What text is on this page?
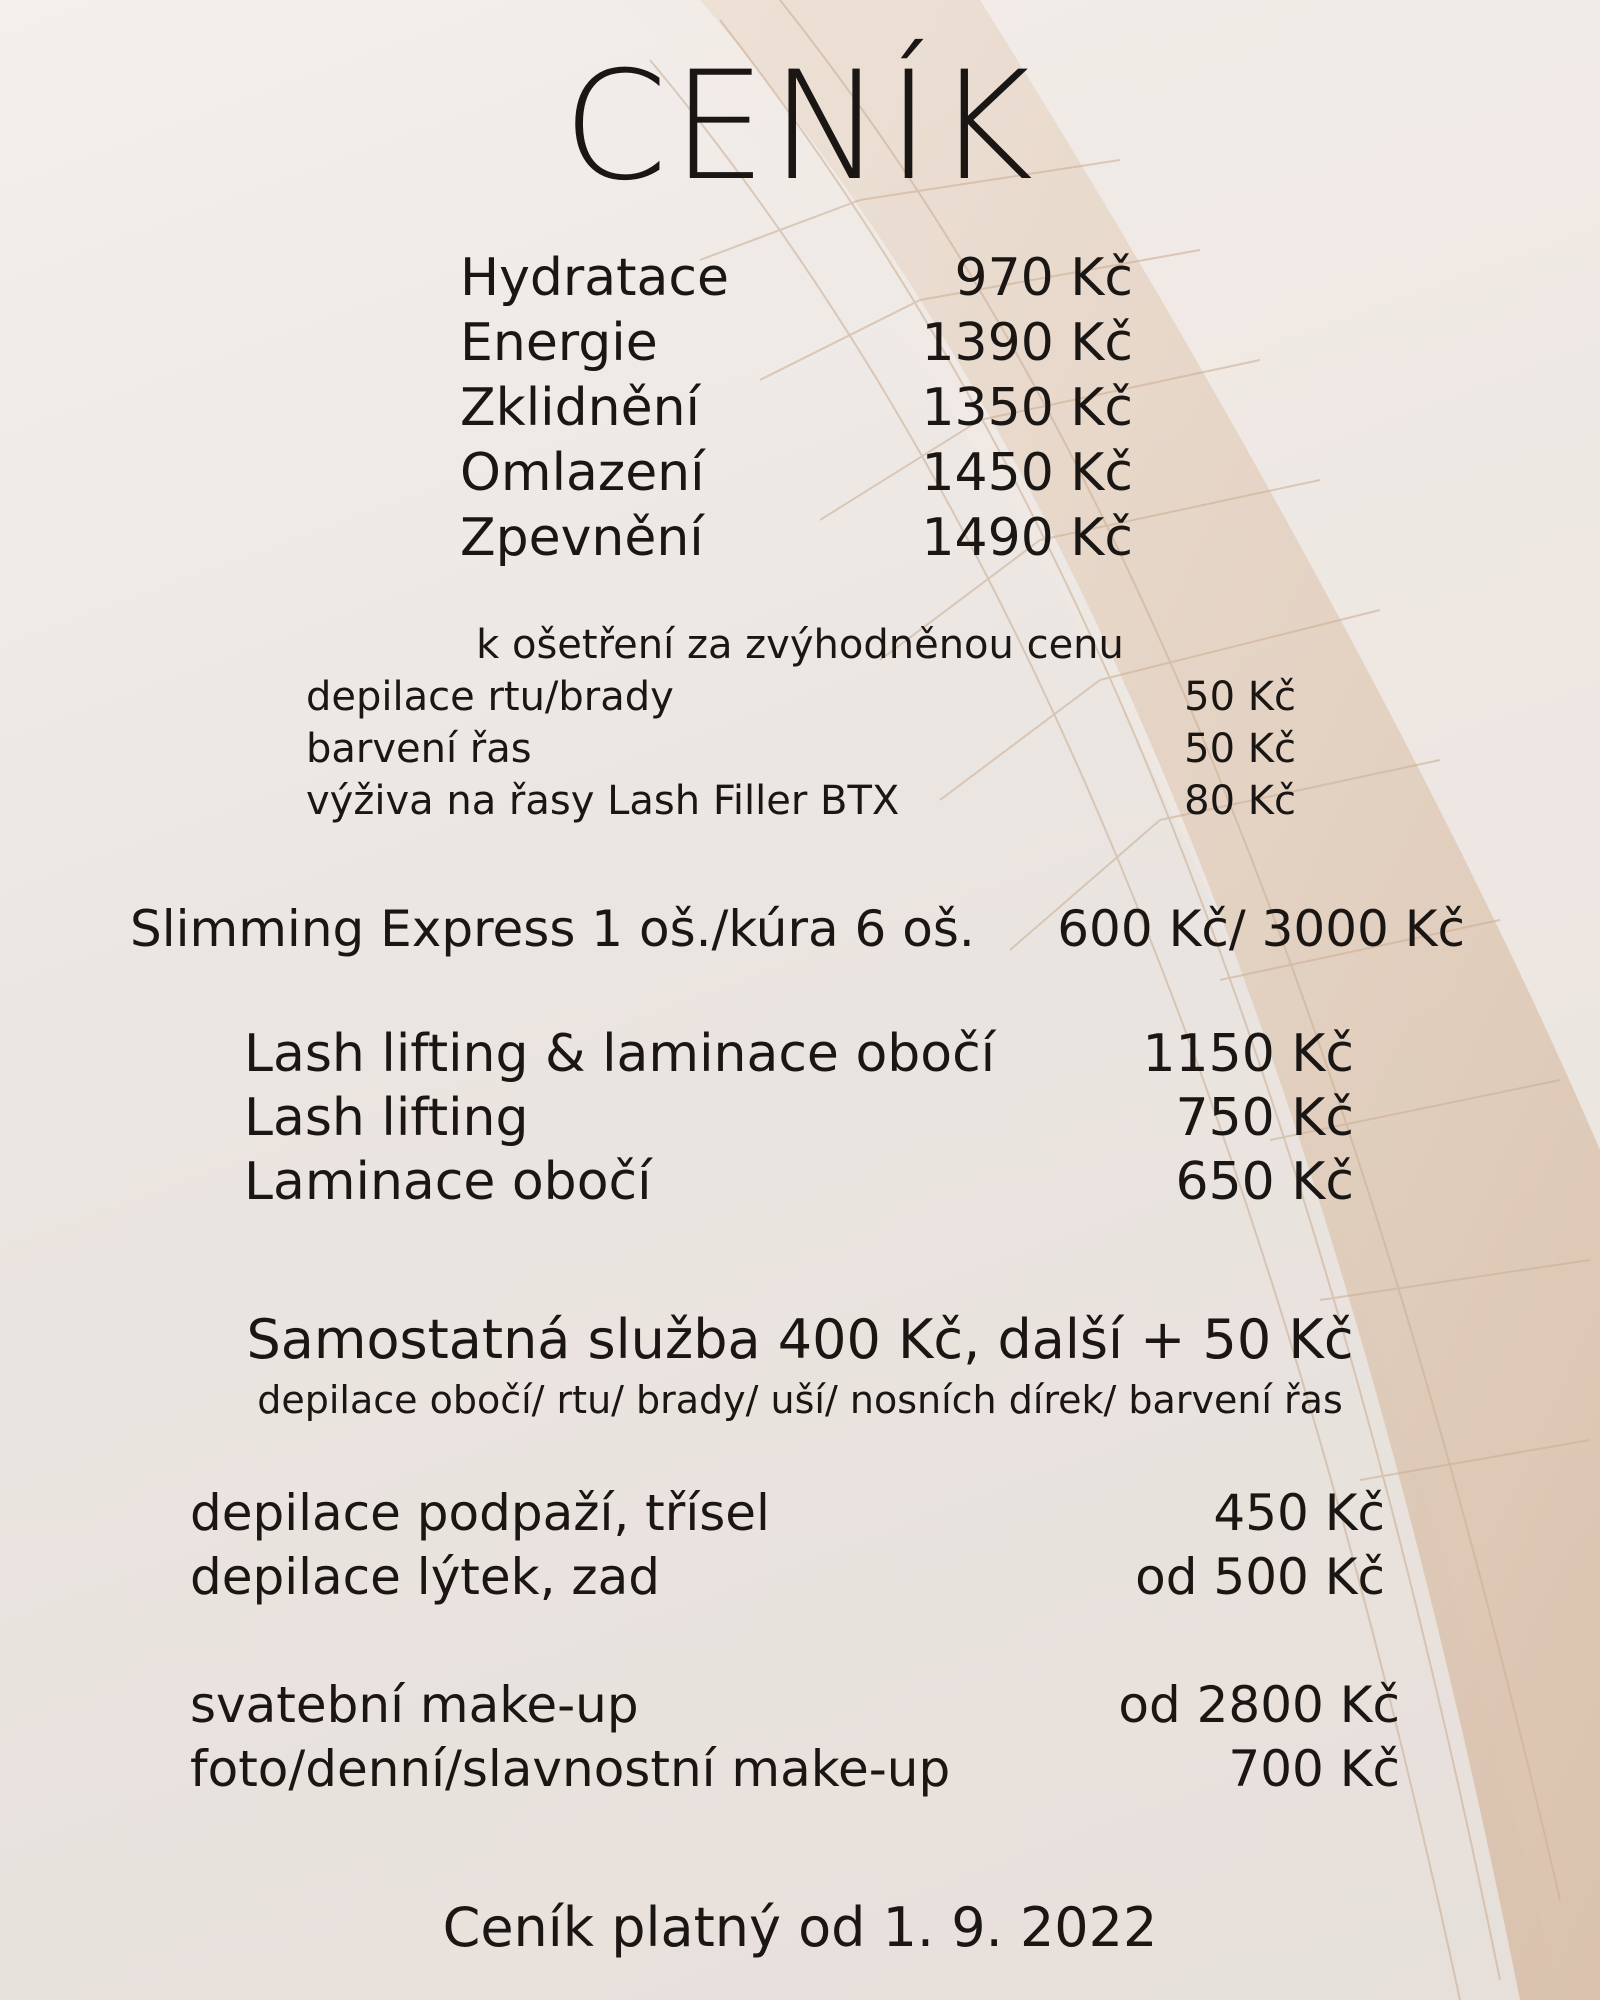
CENÍK
Hydratace	970 Kč
Energie	1390 Kč
Zklidnění	1350 Kč
Omlazení	1450 Kč
Zpevnění	1490 Kč
k ošetření za zvýhodněnou cenu
depilace rtu/brady	50 Kč
barvení řas	50 Kč
výživa na řasy Lash Filler BTX	80 Kč
Slimming Express 1 oš./kúra 6 oš. 600 Kč/ 3000 Kč
Lash lifting & laminace obočí	1150 Kč
Lash lifting	750 Kč
Laminace obočí	650 Kč
Samostatná služba 400 Kč, další + 50 Kč
depilace obočí/ rtu/ brady/ uší/ nosních dírek/ barvení řas
depilace podpaží, třísel	450 Kč
depilace lýtek, zad	od 500 Kč
svatební make-up	od 2800 Kč
foto/denní/slavnostní make-up	700 Kč
Ceník platný od 1. 9. 2022
